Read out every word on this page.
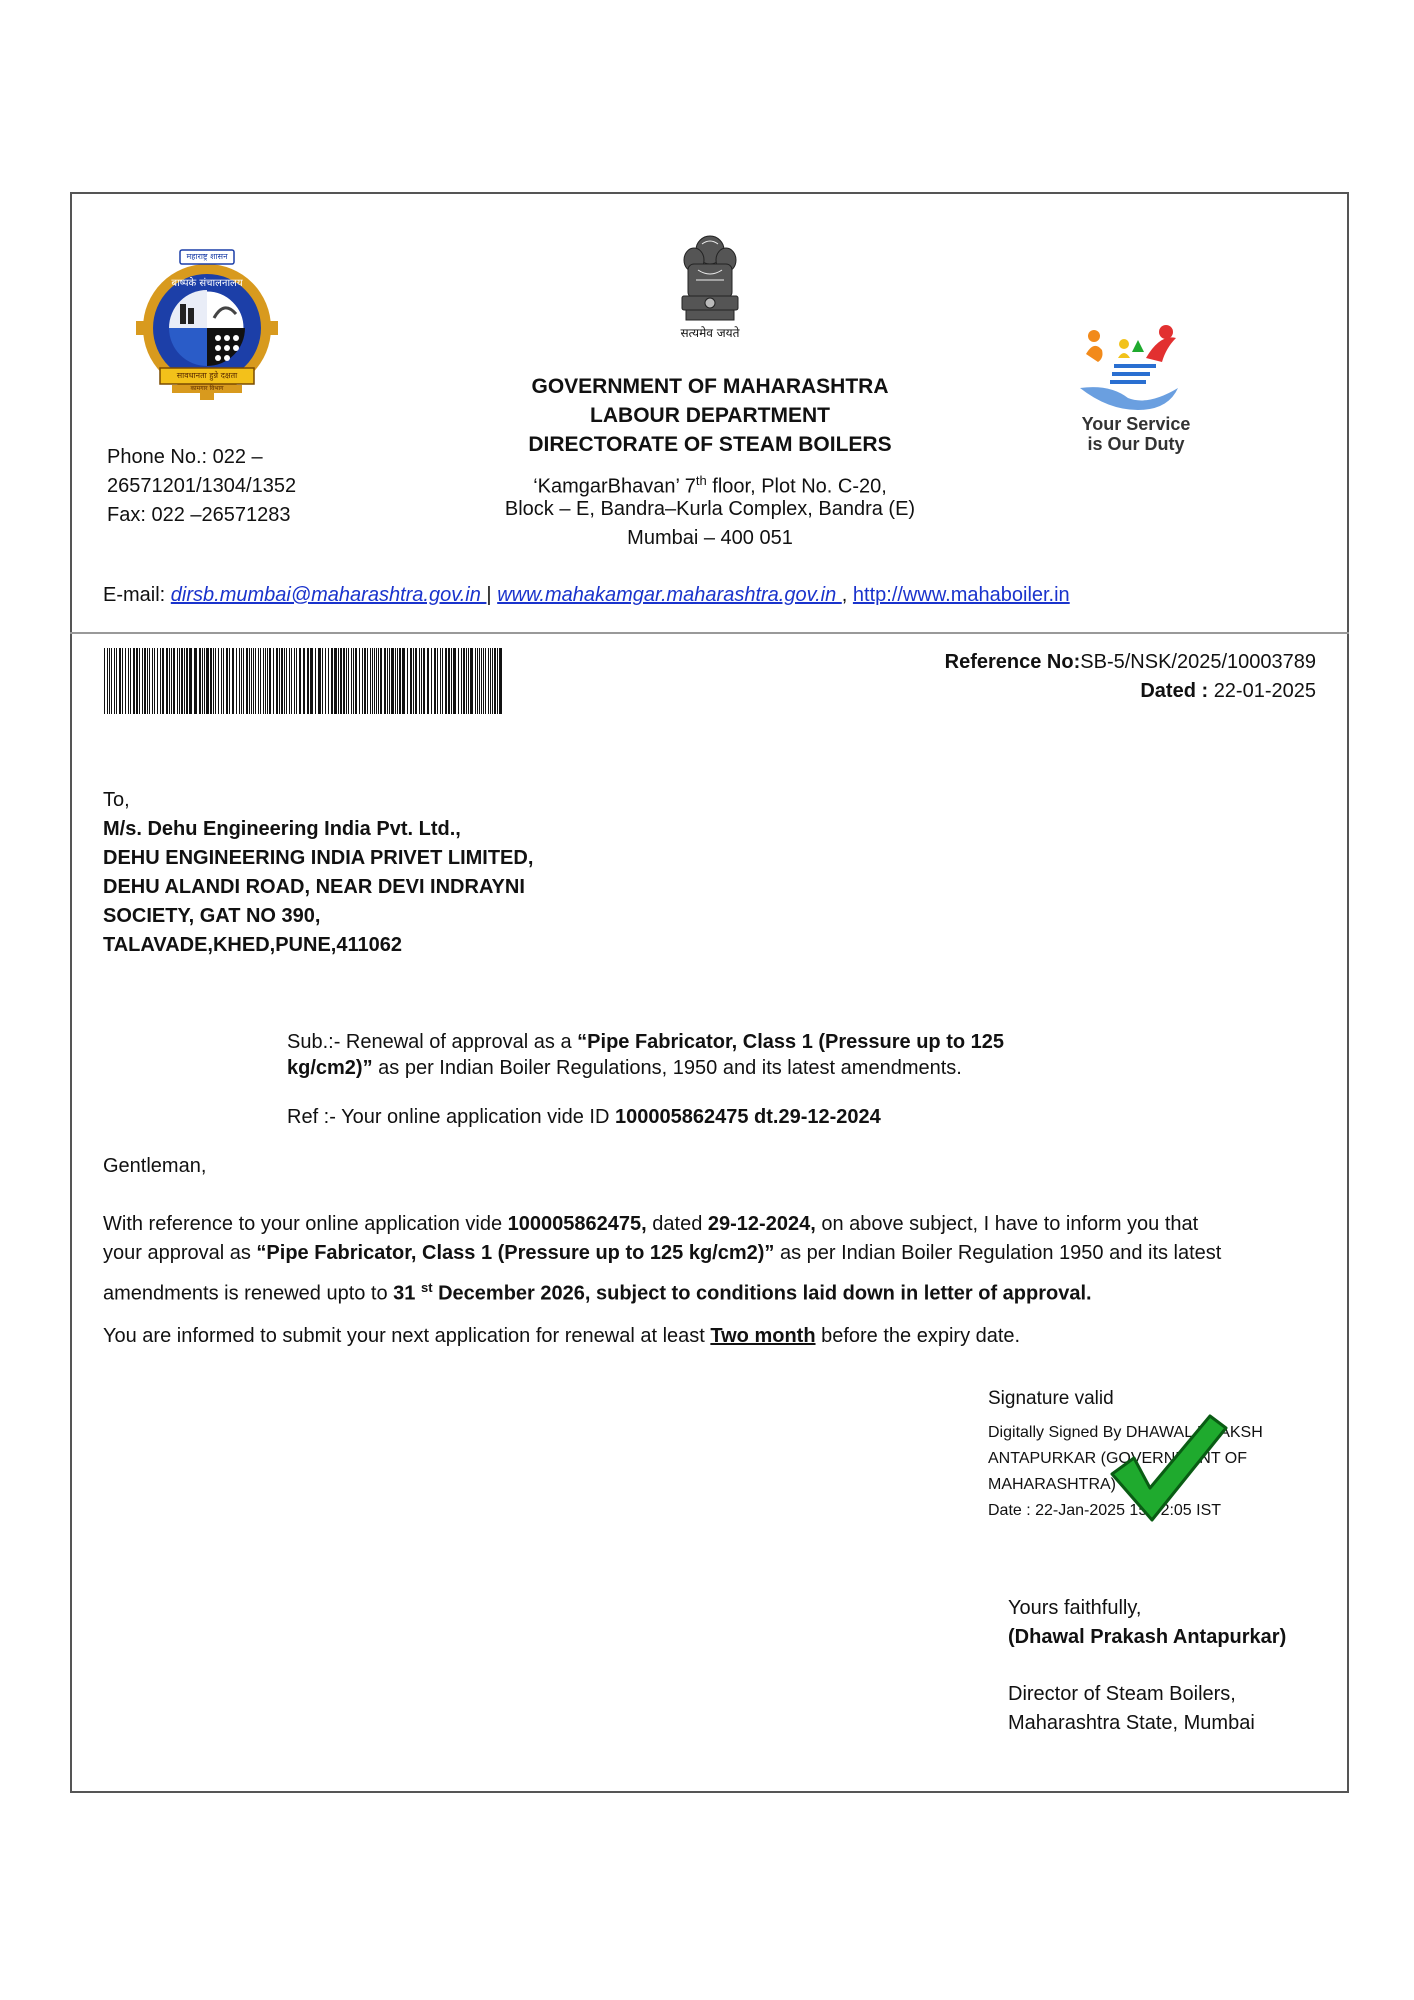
महाराष्ट्र शासन
बाष्पके संचालनालय
सावधानता हुन्ने दक्षता
कामगार विभाग
सत्यमेव जयते
Your Service
is Our Duty
GOVERNMENT OF MAHARASHTRA
LABOUR DEPARTMENT
DIRECTORATE OF STEAM BOILERS
‘KamgarBhavan’ 7th floor, Plot No. C-20,
Block – E, Bandra–Kurla Complex, Bandra (E)
Mumbai – 400 051
Phone No.: 022 –
26571201/1304/1352
Fax: 022 –26571283
E-mail: dirsb.mumbai@maharashtra.gov.in | www.mahakamgar.maharashtra.gov.in , http://www.mahaboiler.in
Reference No:SB-5/NSK/2025/10003789
Dated : 22-01-2025
To,
M/s. Dehu Engineering India Pvt. Ltd.,
DEHU ENGINEERING INDIA PRIVET LIMITED,
DEHU ALANDI ROAD, NEAR DEVI INDRAYNI
SOCIETY, GAT NO 390,
TALAVADE,KHED,PUNE,411062
Sub.:- Renewal of approval as a “Pipe Fabricator, Class 1 (Pressure up to 125
kg/cm2)” as per Indian Boiler Regulations, 1950 and its latest amendments.
Ref :- Your online application vide ID 100005862475 dt.29-12-2024
Gentleman,
With reference to your online application vide 100005862475, dated 29-12-2024, on above subject, I have to inform you that
your approval as “Pipe Fabricator, Class 1 (Pressure up to 125 kg/cm2)” as per Indian Boiler Regulation 1950 and its latest
amendments is renewed upto to 31 $^{st}$ December 2026, subject to conditions laid down in letter of approval.
You are informed to submit your next application for renewal at least Two month before the expiry date.
Signature valid
Digitally Signed By DHAWAL PRAKSH
ANTAPURKAR (GOVERNMENT OF
MAHARASHTRA)
Date : 22-Jan-2025 15:02:05 IST
Yours faithfully,
(Dhawal Prakash Antapurkar)
Director of Steam Boilers,
Maharashtra State, Mumbai
